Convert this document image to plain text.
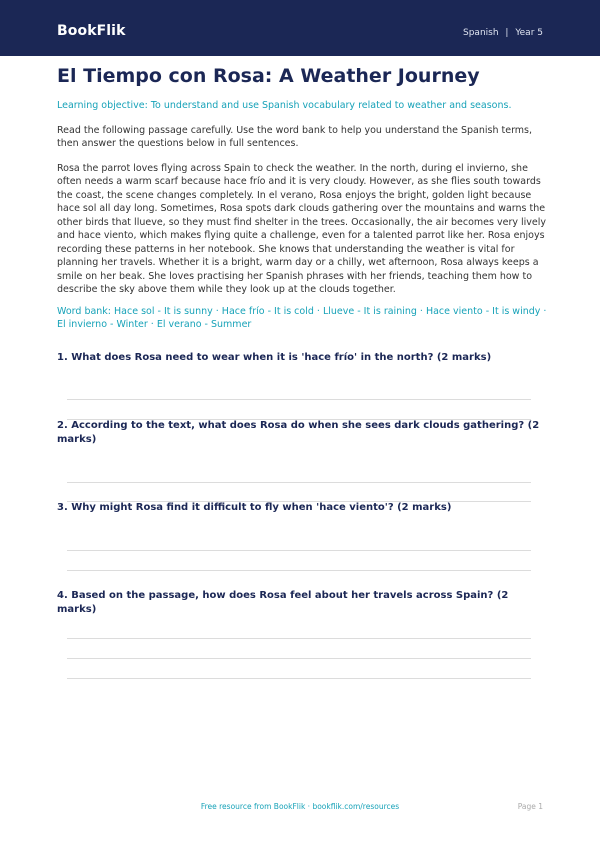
BookFlik	Spanish | Year 5
El Tiempo con Rosa: A Weather Journey

Learning objective: To understand and use Spanish vocabulary related to weather and seasons.

Read the following passage carefully. Use the word bank to help you understand the Spanish terms, then answer the questions below in full sentences.

Rosa the parrot loves flying across Spain to check the weather. In the north, during el invierno, she often needs a warm scarf because hace frío and it is very cloudy. However, as she flies south towards the coast, the scene changes completely. In el verano, Rosa enjoys the bright, golden light because hace sol all day long. Sometimes, Rosa spots dark clouds gathering over the mountains and warns the other birds that llueve, so they must find shelter in the trees. Occasionally, the air becomes very lively and hace viento, which makes flying quite a challenge, even for a talented parrot like her. Rosa enjoys recording these patterns in her notebook. She knows that understanding the weather is vital for planning her travels. Whether it is a bright, warm day or a chilly, wet afternoon, Rosa always keeps a smile on her beak. She loves practising her Spanish phrases with her friends, teaching them how to describe the sky above them while they look up at the clouds together.

Word bank: Hace sol - It is sunny · Hace frío - It is cold · Llueve - It is raining · Hace viento - It is windy · El invierno - Winter · El verano - Summer

1. What does Rosa need to wear when it is 'hace frío' in the north? (2 marks)
2. According to the text, what does Rosa do when she sees dark clouds gathering? (2 marks)
3. Why might Rosa find it difficult to fly when 'hace viento'? (2 marks)
4. Based on the passage, how does Rosa feel about her travels across Spain? (2 marks)
Free resource from BookFlik · bookflik.com/resources	Page 1
